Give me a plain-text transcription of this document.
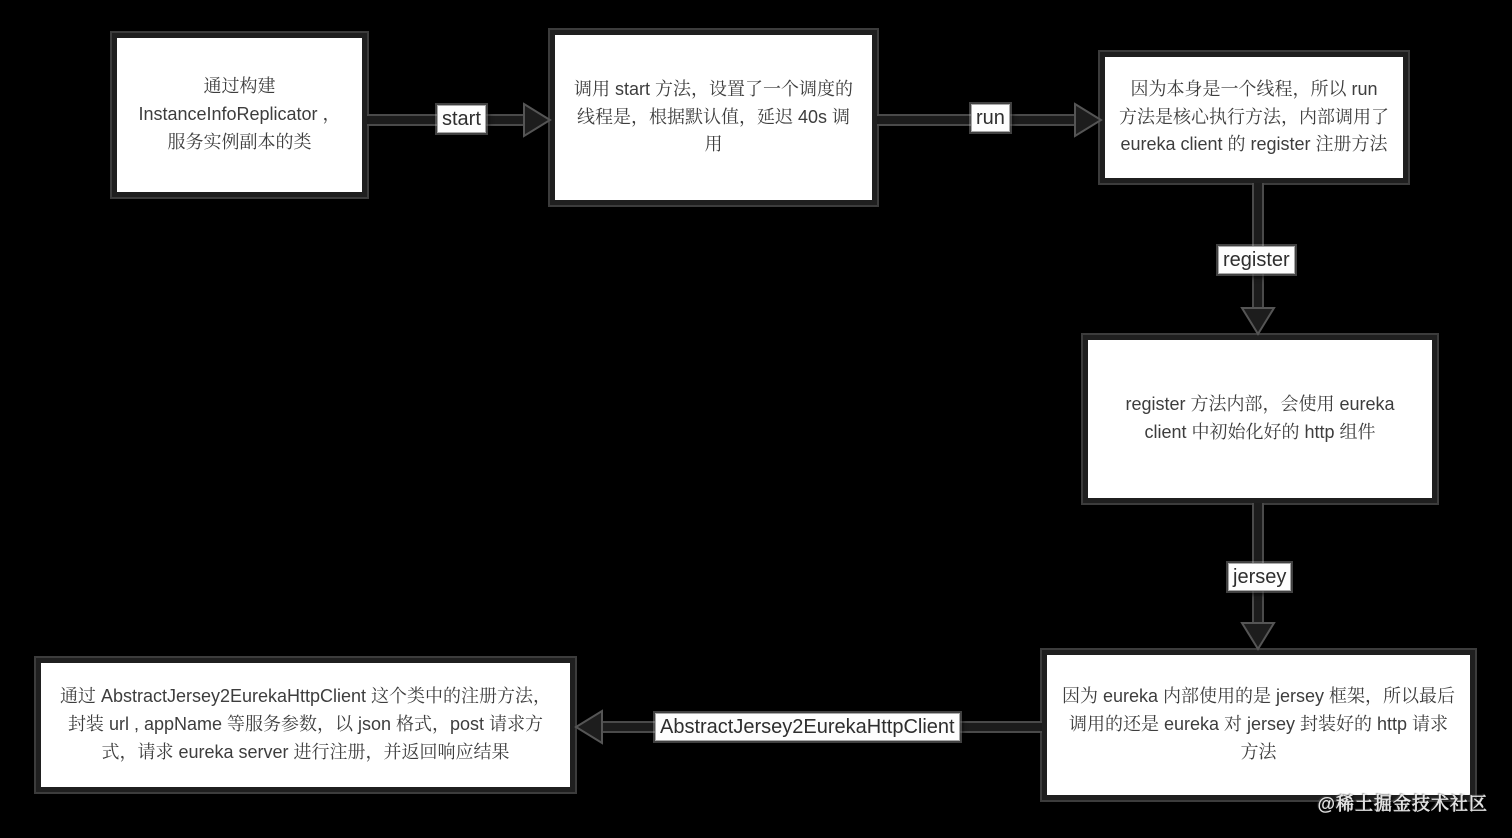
通过构建 InstanceInfoReplicator ，服务实例副本的类
调用 start 方法，设置了一个调度的线程是，根据默认值，延迟 40s 调用
因为本身是一个线程，所以 run 方法是核心执行方法，内部调用了 eureka client 的 register 注册方法
register 方法内部，会使用 eureka client 中初始化好的 http 组件
因为 eureka 内部使用的是 jersey 框架，所以最后调用的还是 eureka 对 jersey 封装好的 http 请求方法
通过 AbstractJersey2EurekaHttpClient 这个类中的注册方法，封装 url , appName 等服务参数，以 json 格式，post 请求方式，请求 eureka server 进行注册，并返回响应结果
start	run
register
jersey
AbstractJersey2EurekaHttpClient
@稀土掘金技术社区
